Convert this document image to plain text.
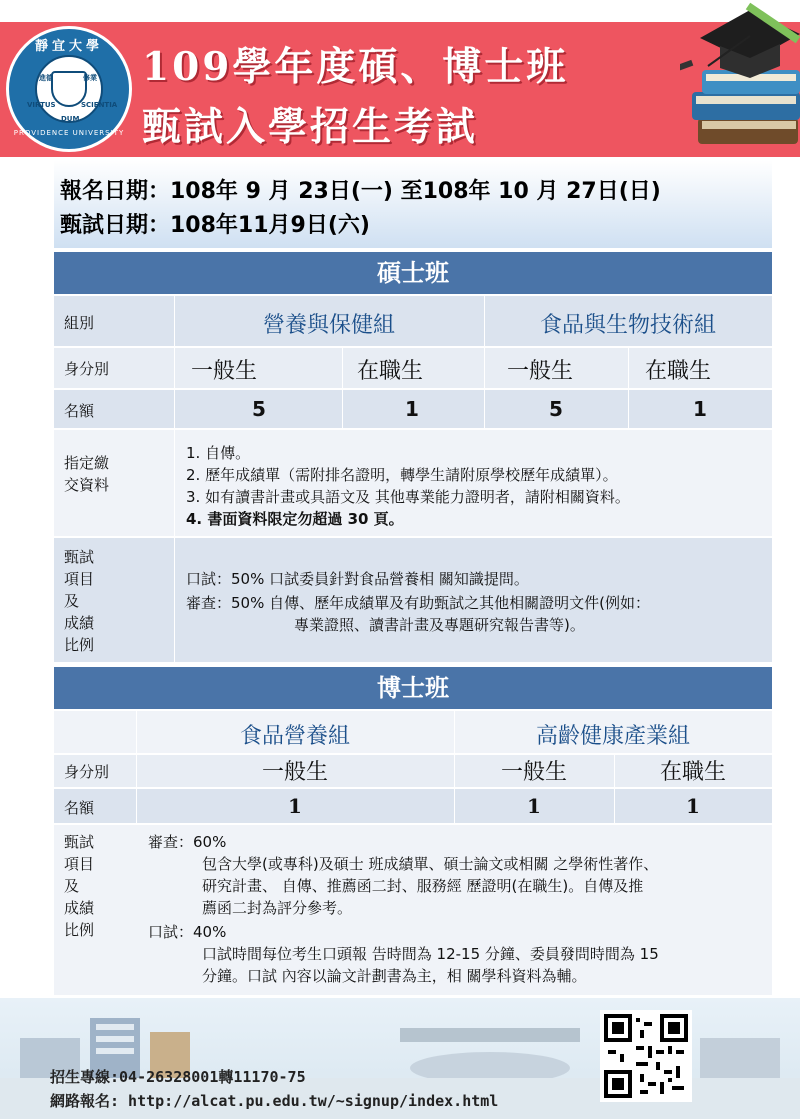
靜宜大學
進德	修業
VIRTUS	SCIENTIA
DUM
PROVIDENCE UNIVERSITY
109學年度碩、博士班
甄試入學招生考試
報名日期：108年 9 月 23日(一) 至108年 10 月 27日(日)
甄試日期：108年11月9日(六)
碩士班
組別	營養與保健組	食品與生物技術組
身分別	一般生	在職生	一般生	在職生
名額	5	1	5	1
指定繳
交資料
1. 自傳。
2. 歷年成績單（需附排名證明，轉學生請附原學校歷年成績單）。
3. 如有讀書計畫或具語文及 其他專業能力證明者，請附相關資料。
4. 書面資料限定勿超過 30 頁。
甄試
項目
及
成績
比例
口試：50% 口試委員針對食品營養相 關知識提問。
審查：50% 自傳、歷年成績單及有助甄試之其他相關證明文件(例如：
專業證照、讀書計畫及專題研究報告書等)。
博士班
食品營養組	高齡健康產業組
身分別	一般生	一般生	在職生
名額	1	1	1
甄試
項目
及
成績
比例
審查：60%
包含大學(或專科)及碩士 班成績單、碩士論文或相關 之學術性著作、
研究計畫、 自傳、推薦函二封、服務經 歷證明(在職生)。自傳及推
薦函二封為評分參考。
口試：40%
口試時間每位考生口頭報 告時間為 12-15 分鐘、委員發問時間為 15
分鐘。口試 內容以論文計劃書為主，相 關學科資料為輔。
招生專線:04-26328001轉11170-75
網路報名: http://alcat.pu.edu.tw/~signup/index.html
